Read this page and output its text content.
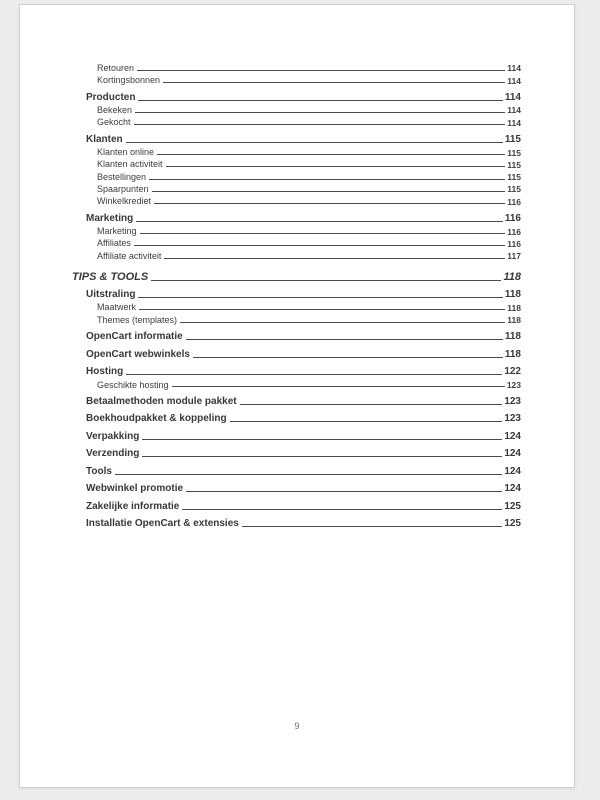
Retouren	114
Kortingsbonnen	114
Producten	114
Bekeken	114
Gekocht	114
Klanten	115
Klanten online	115
Klanten activiteit	115
Bestellingen	115
Spaarpunten	115
Winkelkrediet	116
Marketing	116
Marketing	116
Affiliates	116
Affiliate activiteit	117
TIPS & TOOLS	118
Uitstraling	118
Maatwerk	118
Themes (templates)	118
OpenCart informatie	118
OpenCart webwinkels	118
Hosting	122
Geschikte hosting	123
Betaalmethoden module pakket	123
Boekhoudpakket & koppeling	123
Verpakking	124
Verzending	124
Tools	124
Webwinkel promotie	124
Zakelijke informatie	125
Installatie OpenCart & extensies	125
9
